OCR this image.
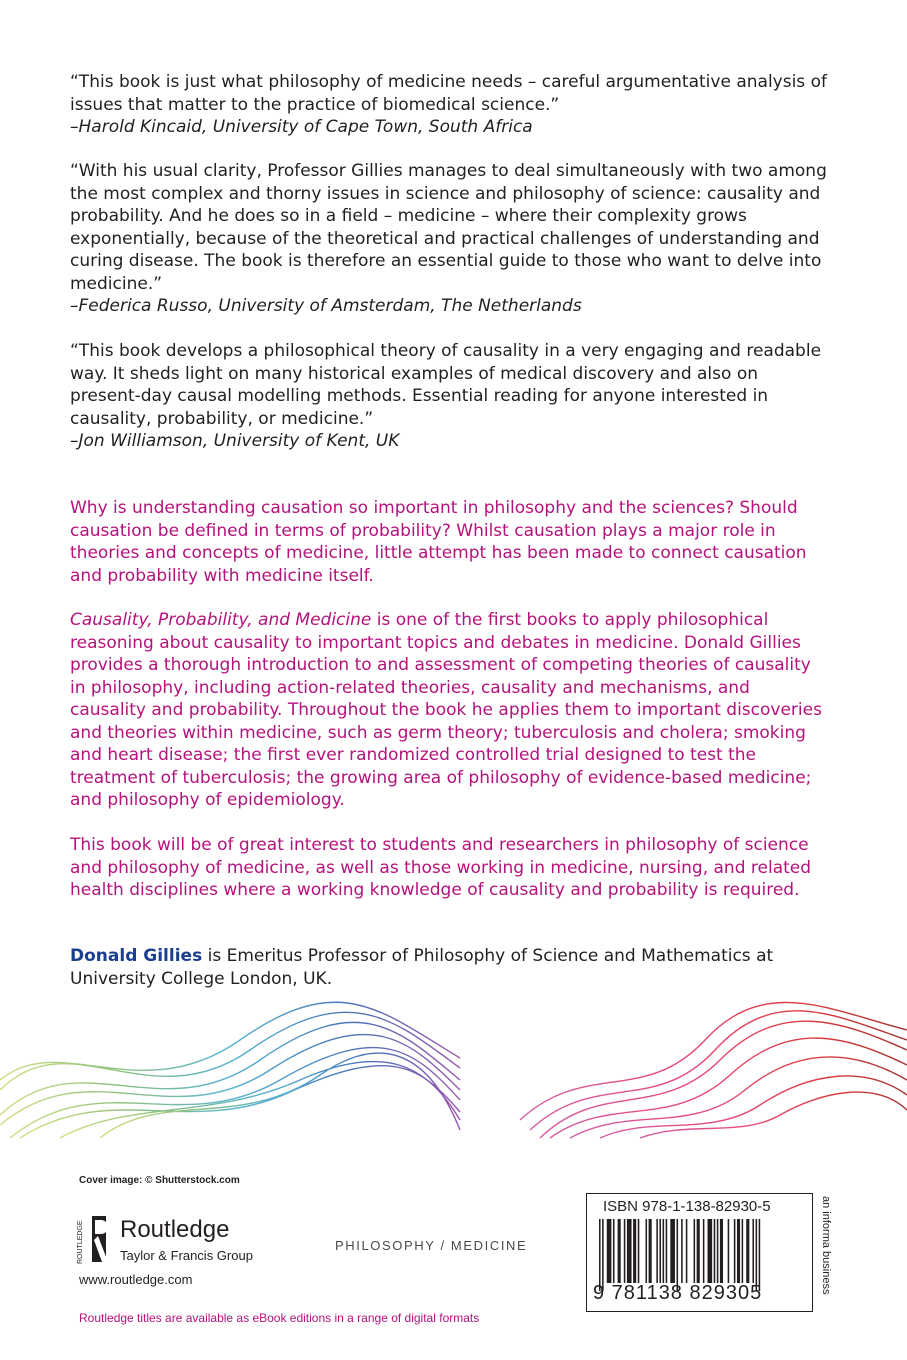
“This book is just what philosophy of medicine needs – careful argumentative analysis of issues that matter to the practice of biomedical science.”

–Harold Kincaid, University of Cape Town, South Africa

“With his usual clarity, Professor Gillies manages to deal simultaneously with two among the most complex and thorny issues in science and philosophy of science: causality and probability. And he does so in a field – medicine – where their complexity grows exponentially, because of the theoretical and practical challenges of understanding and curing disease. The book is therefore an essential guide to those who want to delve into medicine.”

–Federica Russo, University of Amsterdam, The Netherlands

“This book develops a philosophical theory of causality in a very engaging and readable way. It sheds light on many historical examples of medical discovery and also on present-day causal modelling methods. Essential reading for anyone interested in causality, probability, or medicine.”

–Jon Williamson, University of Kent, UK

Why is understanding causation so important in philosophy and the sciences? Should causation be defined in terms of probability? Whilst causation plays a major role in theories and concepts of medicine, little attempt has been made to connect causation and probability with medicine itself.

Causality, Probability, and Medicine is one of the first books to apply philosophical reasoning about causality to important topics and debates in medicine. Donald Gillies provides a thorough introduction to and assessment of competing theories of causality in philosophy, including action-related theories, causality and mechanisms, and causality and probability. Throughout the book he applies them to important discoveries and theories within medicine, such as germ theory; tuberculosis and cholera; smoking and heart disease; the first ever randomized controlled trial designed to test the treatment of tuberculosis; the growing area of philosophy of evidence-based medicine; and philosophy of epidemiology.

This book will be of great interest to students and researchers in philosophy of science and philosophy of medicine, as well as those working in medicine, nursing, and related health disciplines where a working knowledge of causality and probability is required.

Donald Gillies is Emeritus Professor of Philosophy of Science and Mathematics at University College London, UK.

Cover image: © Shutterstock.com
ROUTLEDGE Routledge
Taylor & Francis Group
www.routledge.com
PHILOSOPHY / MEDICINE
ISBN 978-1-138-82930-5
9 781138 829305	an informa business
Routledge titles are available as eBook editions in a range of digital formats
